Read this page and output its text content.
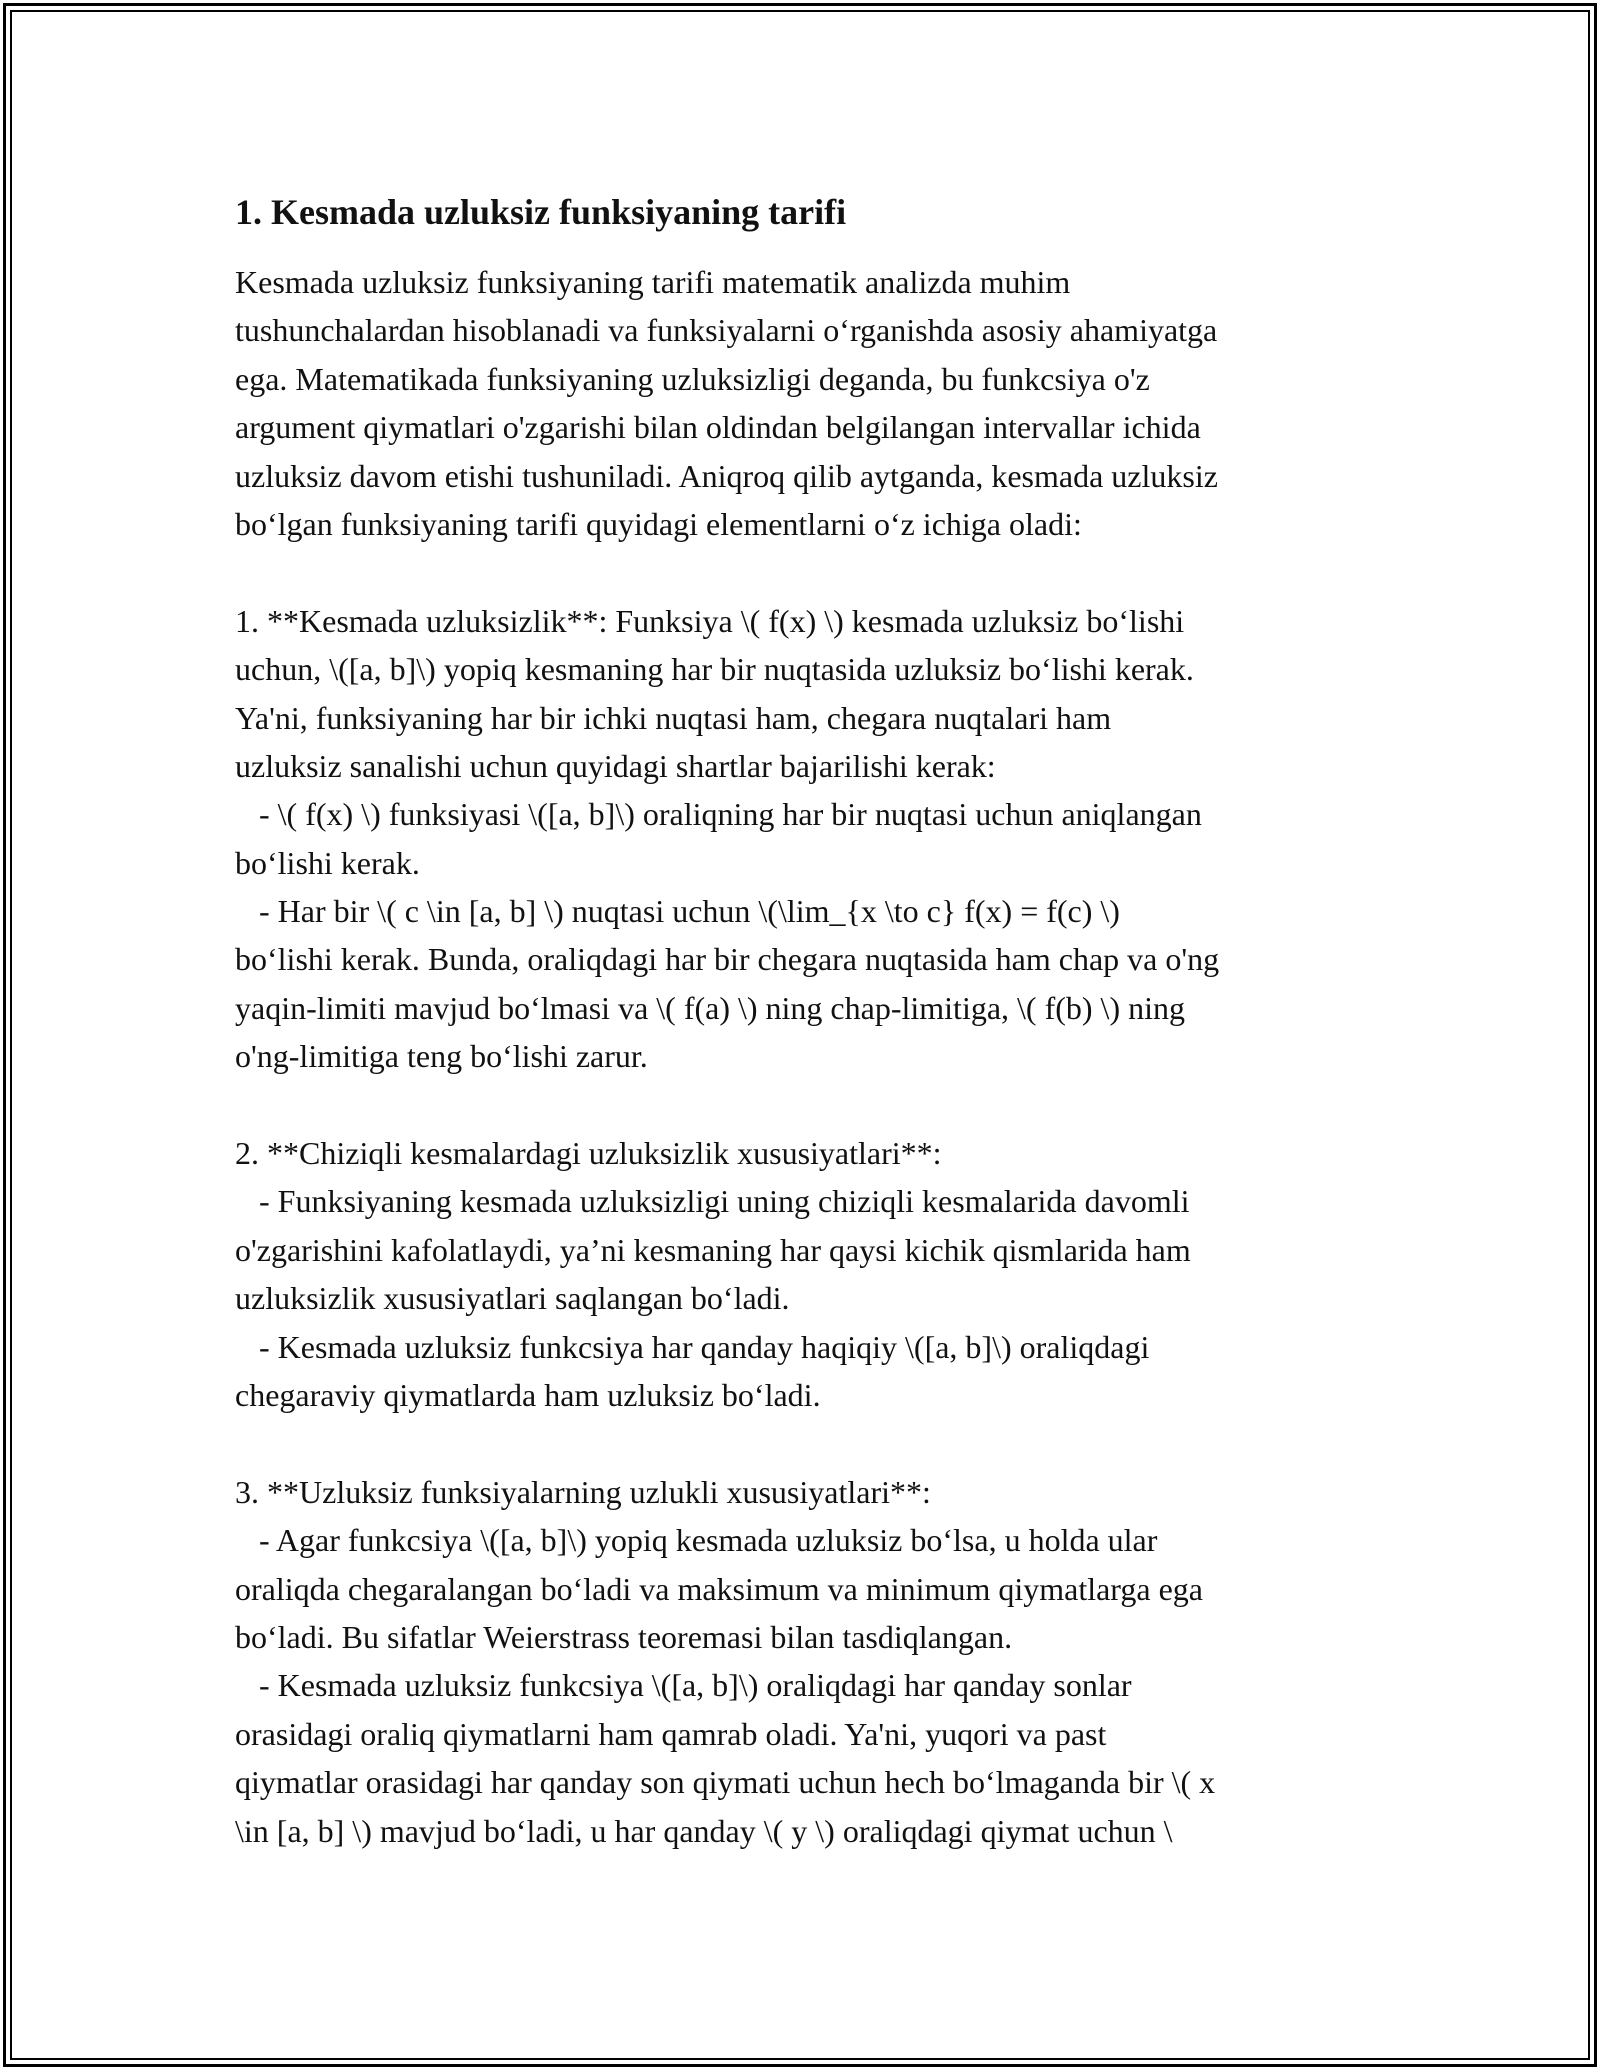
1. Kesmada uzluksiz funksiyaning tarifi
Kesmada uzluksiz funksiyaning tarifi matematik analizda muhim
tushunchalardan hisoblanadi va funksiyalarni o‘rganishda asosiy ahamiyatga
ega. Matematikada funksiyaning uzluksizligi deganda, bu funkcsiya o'z
argument qiymatlari o'zgarishi bilan oldindan belgilangan intervallar ichida
uzluksiz davom etishi tushuniladi. Aniqroq qilib aytganda, kesmada uzluksiz
bo‘lgan funksiyaning tarifi quyidagi elementlarni o‘z ichiga oladi:
1. **Kesmada uzluksizlik**: Funksiya \( f(x) \) kesmada uzluksiz bo‘lishi
uchun, \([a, b]\) yopiq kesmaning har bir nuqtasida uzluksiz bo‘lishi kerak.
Ya'ni, funksiyaning har bir ichki nuqtasi ham, chegara nuqtalari ham
uzluksiz sanalishi uchun quyidagi shartlar bajarilishi kerak:
- \( f(x) \) funksiyasi \([a, b]\) oraliqning har bir nuqtasi uchun aniqlangan
bo‘lishi kerak.
- Har bir \( c \in [a, b] \) nuqtasi uchun \(\lim_{x \to c} f(x) = f(c) \)
bo‘lishi kerak. Bunda, oraliqdagi har bir chegara nuqtasida ham chap va o'ng
yaqin-limiti mavjud bo‘lmasi va \( f(a) \) ning chap-limitiga, \( f(b) \) ning
o'ng-limitiga teng bo‘lishi zarur.
2. **Chiziqli kesmalardagi uzluksizlik xususiyatlari**:
- Funksiyaning kesmada uzluksizligi uning chiziqli kesmalarida davomli
o'zgarishini kafolatlaydi, ya’ni kesmaning har qaysi kichik qismlarida ham
uzluksizlik xususiyatlari saqlangan bo‘ladi.
- Kesmada uzluksiz funkcsiya har qanday haqiqiy \([a, b]\) oraliqdagi
chegaraviy qiymatlarda ham uzluksiz bo‘ladi.
3. **Uzluksiz funksiyalarning uzlukli xususiyatlari**:
- Agar funkcsiya \([a, b]\) yopiq kesmada uzluksiz bo‘lsa, u holda ular
oraliqda chegaralangan bo‘ladi va maksimum va minimum qiymatlarga ega
bo‘ladi. Bu sifatlar Weierstrass teoremasi bilan tasdiqlangan.
- Kesmada uzluksiz funkcsiya \([a, b]\) oraliqdagi har qanday sonlar
orasidagi oraliq qiymatlarni ham qamrab oladi. Ya'ni, yuqori va past
qiymatlar orasidagi har qanday son qiymati uchun hech bo‘lmaganda bir \( x
\in [a, b] \) mavjud bo‘ladi, u har qanday \( y \) oraliqdagi qiymat uchun \
